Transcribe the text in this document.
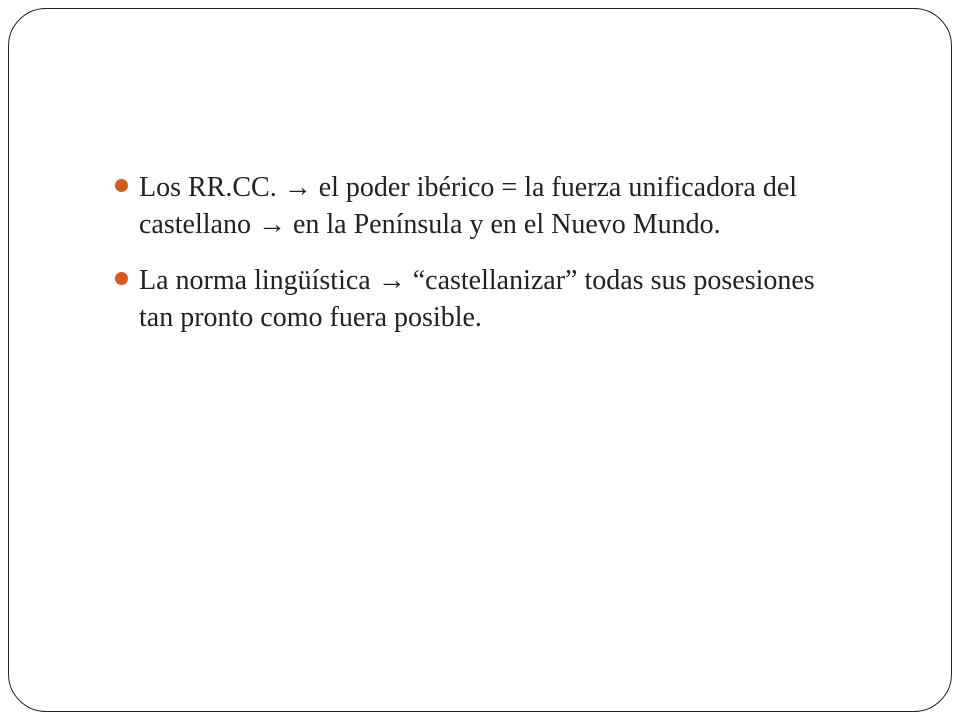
Los RR.CC. → el poder ibérico = la fuerza unificadora del
castellano → en la Península y en el Nuevo Mundo.
La norma lingüística → “castellanizar” todas sus posesiones
tan pronto como fuera posible.
